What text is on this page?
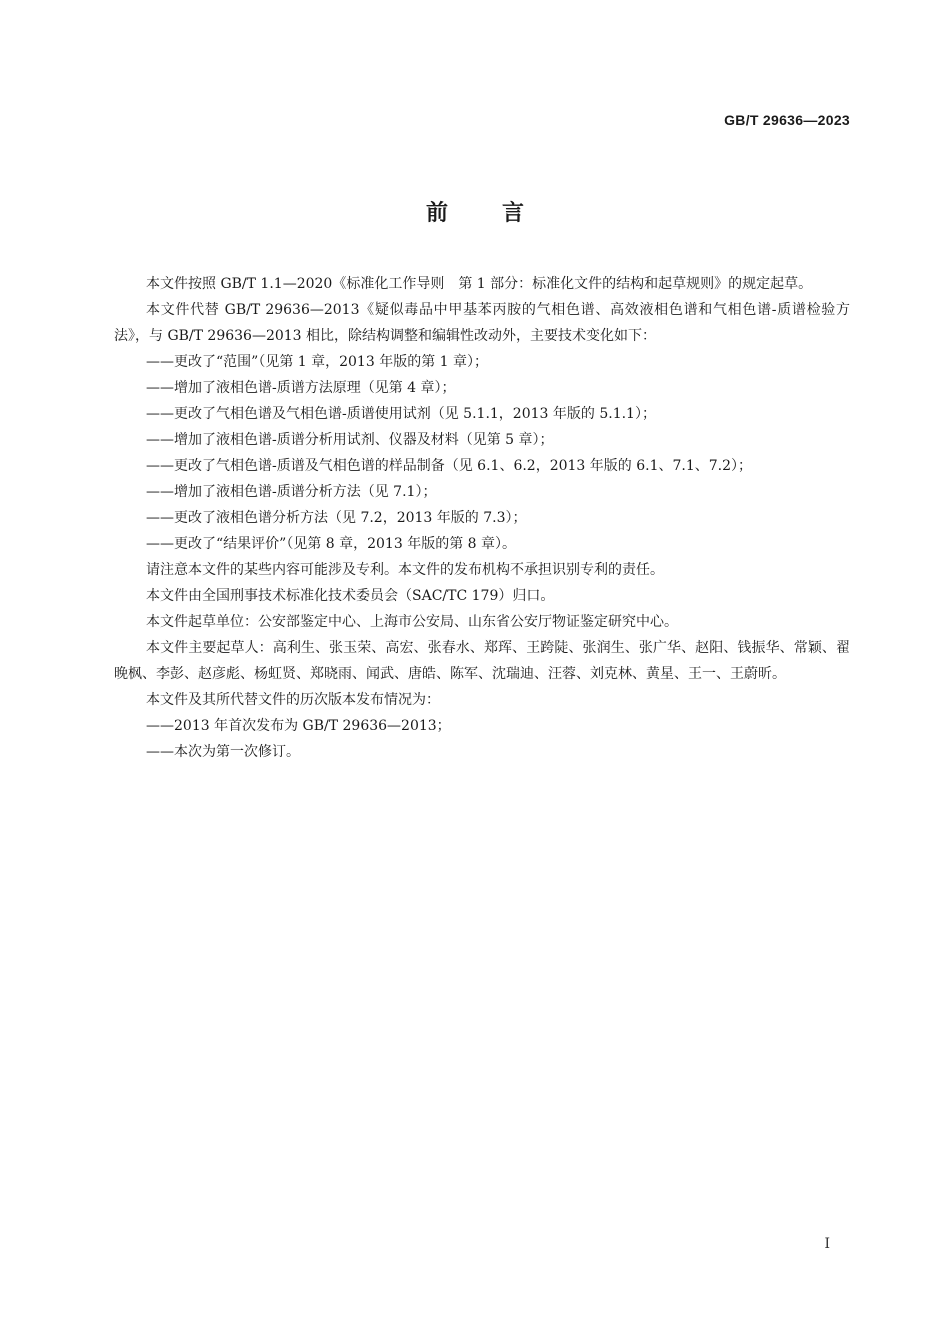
GB/T 29636—2023
前言

本文件按照 GB/T 1.1—2020《标准化工作导则　第 1 部分：标准化文件的结构和起草规则》的规定起草。

本文件代替 GB/T 29636—2013《疑似毒品中甲基苯丙胺的气相色谱、高效液相色谱和气相色谱-质谱检验方法》，与 GB/T 29636—2013 相比，除结构调整和编辑性改动外，主要技术变化如下：

——更改了“范围”（见第 1 章，2013 年版的第 1 章）；

——增加了液相色谱-质谱方法原理（见第 4 章）；

——更改了气相色谱及气相色谱-质谱使用试剂（见 5.1.1，2013 年版的 5.1.1）；

——增加了液相色谱-质谱分析用试剂、仪器及材料（见第 5 章）；

——更改了气相色谱-质谱及气相色谱的样品制备（见 6.1、6.2，2013 年版的 6.1、7.1、7.2）；

——增加了液相色谱-质谱分析方法（见 7.1）；

——更改了液相色谱分析方法（见 7.2，2013 年版的 7.3）；

——更改了“结果评价”（见第 8 章，2013 年版的第 8 章）。

请注意本文件的某些内容可能涉及专利。本文件的发布机构不承担识别专利的责任。

本文件由全国刑事技术标准化技术委员会（SAC/TC 179）归口。

本文件起草单位：公安部鉴定中心、上海市公安局、山东省公安厅物证鉴定研究中心。

本文件主要起草人：高利生、张玉荣、高宏、张春水、郑珲、王跨陡、张润生、张广华、赵阳、钱振华、常颖、翟晚枫、李彭、赵彦彪、杨虹贤、郑晓雨、闻武、唐皓、陈军、沈瑞迪、汪蓉、刘克林、黄星、王一、王蔚昕。

本文件及其所代替文件的历次版本发布情况为：

——2013 年首次发布为 GB/T 29636—2013；

——本次为第一次修订。

I
